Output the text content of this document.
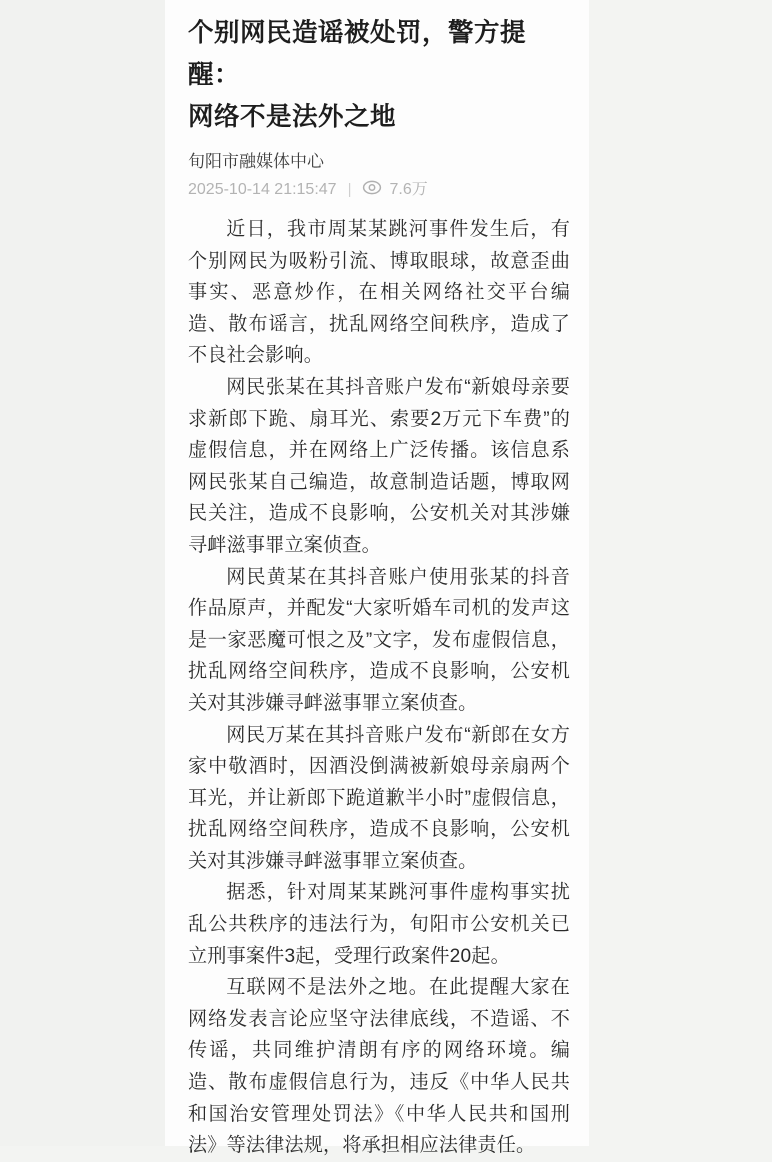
个别网民造谣被处罚，警方提醒：
网络不是法外之地
旬阳市融媒体中心
2025-10-14 21:15:47 | 7.6万

近日，我市周某某跳河事件发生后，有个别网民为吸粉引流、博取眼球，故意歪曲事实、恶意炒作，在相关网络社交平台编造、散布谣言，扰乱网络空间秩序，造成了不良社会影响。

网民张某在其抖音账户发布“新娘母亲要求新郎下跪、扇耳光、索要2万元下车费”的虚假信息，并在网络上广泛传播。该信息系网民张某自己编造，故意制造话题，博取网民关注，造成不良影响，公安机关对其涉嫌寻衅滋事罪立案侦查。

网民黄某在其抖音账户使用张某的抖音作品原声，并配发“大家听婚车司机的发声这是一家恶魔可恨之及”文字，发布虚假信息，扰乱网络空间秩序，造成不良影响，公安机关对其涉嫌寻衅滋事罪立案侦查。

网民万某在其抖音账户发布“新郎在女方家中敬酒时，因酒没倒满被新娘母亲扇两个耳光，并让新郎下跪道歉半小时”虚假信息，扰乱网络空间秩序，造成不良影响，公安机关对其涉嫌寻衅滋事罪立案侦查。

据悉，针对周某某跳河事件虚构事实扰乱公共秩序的违法行为，旬阳市公安机关已立刑事案件3起，受理行政案件20起。

互联网不是法外之地。在此提醒大家在网络发表言论应坚守法律底线，不造谣、不传谣，共同维护清朗有序的网络环境。编造、散布虚假信息行为，违反《中华人民共和国治安管理处罚法》《中华人民共和国刑法》等法律法规，将承担相应法律责任。
